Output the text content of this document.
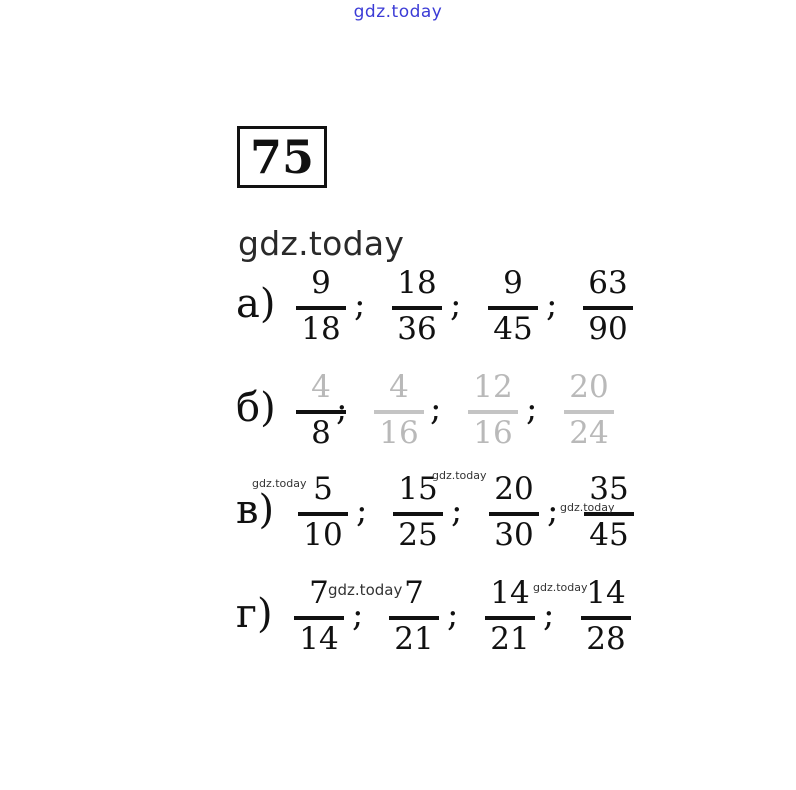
gdz.today
75
gdz.today
а)	9
18
;
18
36
;
9
45
;
63
90
б)	4
8
;
4
16
;
12
16
;
20
24
в)	5
10
;
15
25
;
20
30
;
35
45
г)	7
14
;
7
21
;
14
21
;
14
28
gdz.today
gdz.today
gdz.today
gdz.today	gdz.today
